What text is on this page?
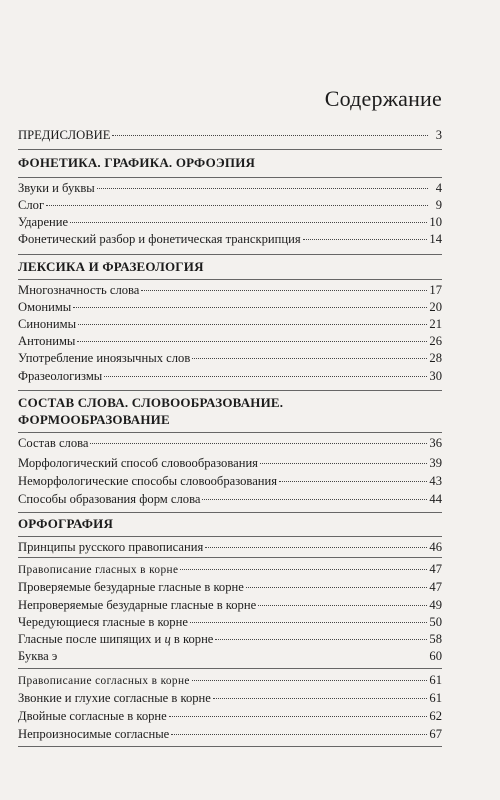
Содержание
ПРЕДИСЛОВИЕ	3
ФОНЕТИКА. ГРАФИКА. ОРФОЭПИЯ
Звуки и буквы	4
Слог	9
Ударение	10
Фонетический разбор и фонетическая транскрипция	14
ЛЕКСИКА И ФРАЗЕОЛОГИЯ
Многозначность слова	17
Омонимы	20
Синонимы	21
Антонимы	26
Употребление иноязычных слов	28
Фразеологизмы	30
СОСТАВ СЛОВА. СЛОВООБРАЗОВАНИЕ.
ФОРМООБРАЗОВАНИЕ
Состав слова	36
Морфологический способ словообразования	39
Неморфологические способы словообразования	43
Способы образования форм слова	44
ОРФОГРАФИЯ
Принципы русского правописания	46
Правописание гласных в корне	47
Проверяемые безударные гласные в корне	47
Непроверяемые безударные гласные в корне	49
Чередующиеся гласные в корне	50
Гласные после шипящих и ц в корне	58
Буква э	60
Правописание согласных в корне	61
Звонкие и глухие согласные в корне	61
Двойные согласные в корне	62
Непроизносимые согласные	67
